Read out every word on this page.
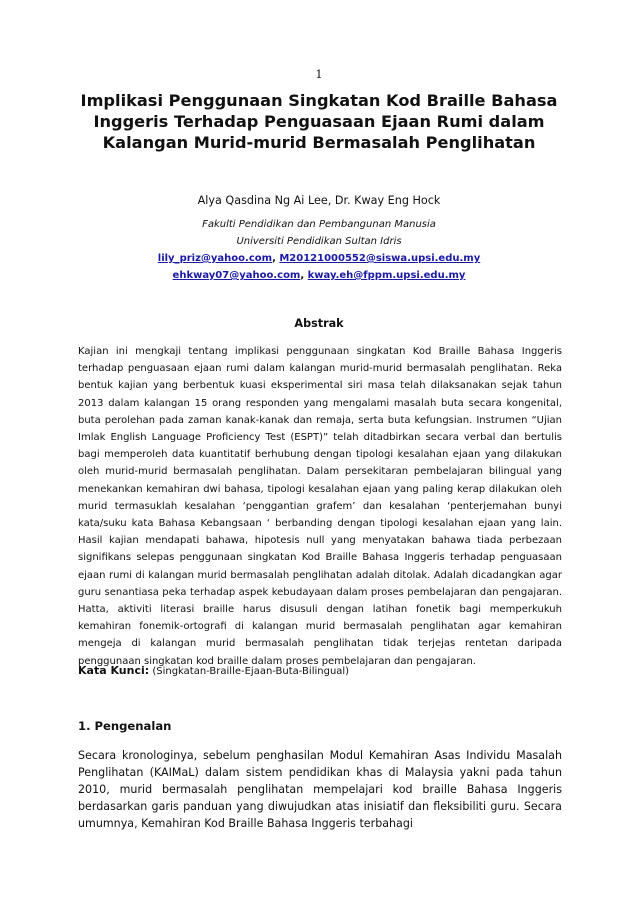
1
Implikasi Penggunaan Singkatan Kod Braille Bahasa Inggeris Terhadap Penguasaan Ejaan Rumi dalam Kalangan Murid-murid Bermasalah Penglihatan
Alya Qasdina Ng Ai Lee, Dr. Kway Eng Hock
Fakulti Pendidikan dan Pembangunan Manusia
Universiti Pendidikan Sultan Idris
lily_priz@yahoo.com, M20121000552@siswa.upsi.edu.my
ehkway07@yahoo.com, kway.eh@fppm.upsi.edu.my
Abstrak
Kajian ini mengkaji tentang implikasi penggunaan singkatan Kod Braille Bahasa Inggeris terhadap penguasaan ejaan rumi dalam kalangan murid-murid bermasalah penglihatan. Reka bentuk kajian yang berbentuk kuasi eksperimental siri masa telah dilaksanakan sejak tahun 2013 dalam kalangan 15 orang responden yang mengalami masalah buta secara kongenital, buta perolehan pada zaman kanak-kanak dan remaja, serta buta kefungsian. Instrumen “Ujian Imlak English Language Proficiency Test (ESPT)” telah ditadbirkan secara verbal dan bertulis bagi memperoleh data kuantitatif berhubung dengan tipologi kesalahan ejaan yang dilakukan oleh murid-murid bermasalah penglihatan. Dalam persekitaran pembelajaran bilingual yang menekankan kemahiran dwi bahasa, tipologi kesalahan ejaan yang paling kerap dilakukan oleh murid termasuklah kesalahan ‘penggantian grafem’ dan kesalahan ‘penterjemahan bunyi kata/suku kata Bahasa Kebangsaan ‘ berbanding dengan tipologi kesalahan ejaan yang lain. Hasil kajian mendapati bahawa, hipotesis null yang menyatakan bahawa tiada perbezaan signifikans selepas penggunaan singkatan Kod Braille Bahasa Inggeris terhadap penguasaan ejaan rumi di kalangan murid bermasalah penglihatan adalah ditolak. Adalah dicadangkan agar guru senantiasa peka terhadap aspek kebudayaan dalam proses pembelajaran dan pengajaran. Hatta, aktiviti literasi braille harus disusuli dengan latihan fonetik bagi memperkukuh kemahiran fonemik-ortografi di kalangan murid bermasalah penglihatan agar kemahiran mengeja di kalangan murid bermasalah penglihatan tidak terjejas rentetan daripada penggunaan singkatan kod braille dalam proses pembelajaran dan pengajaran.
Kata Kunci: (Singkatan-Braille-Ejaan-Buta-Bilingual)
1. Pengenalan
Secara kronologinya, sebelum penghasilan Modul Kemahiran Asas Individu Masalah Penglihatan (KAIMaL) dalam sistem pendidikan khas di Malaysia yakni pada tahun 2010, murid bermasalah penglihatan mempelajari kod braille Bahasa Inggeris berdasarkan garis panduan yang diwujudkan atas inisiatif dan fleksibiliti guru. Secara umumnya, Kemahiran Kod Braille Bahasa Inggeris terbahagi
